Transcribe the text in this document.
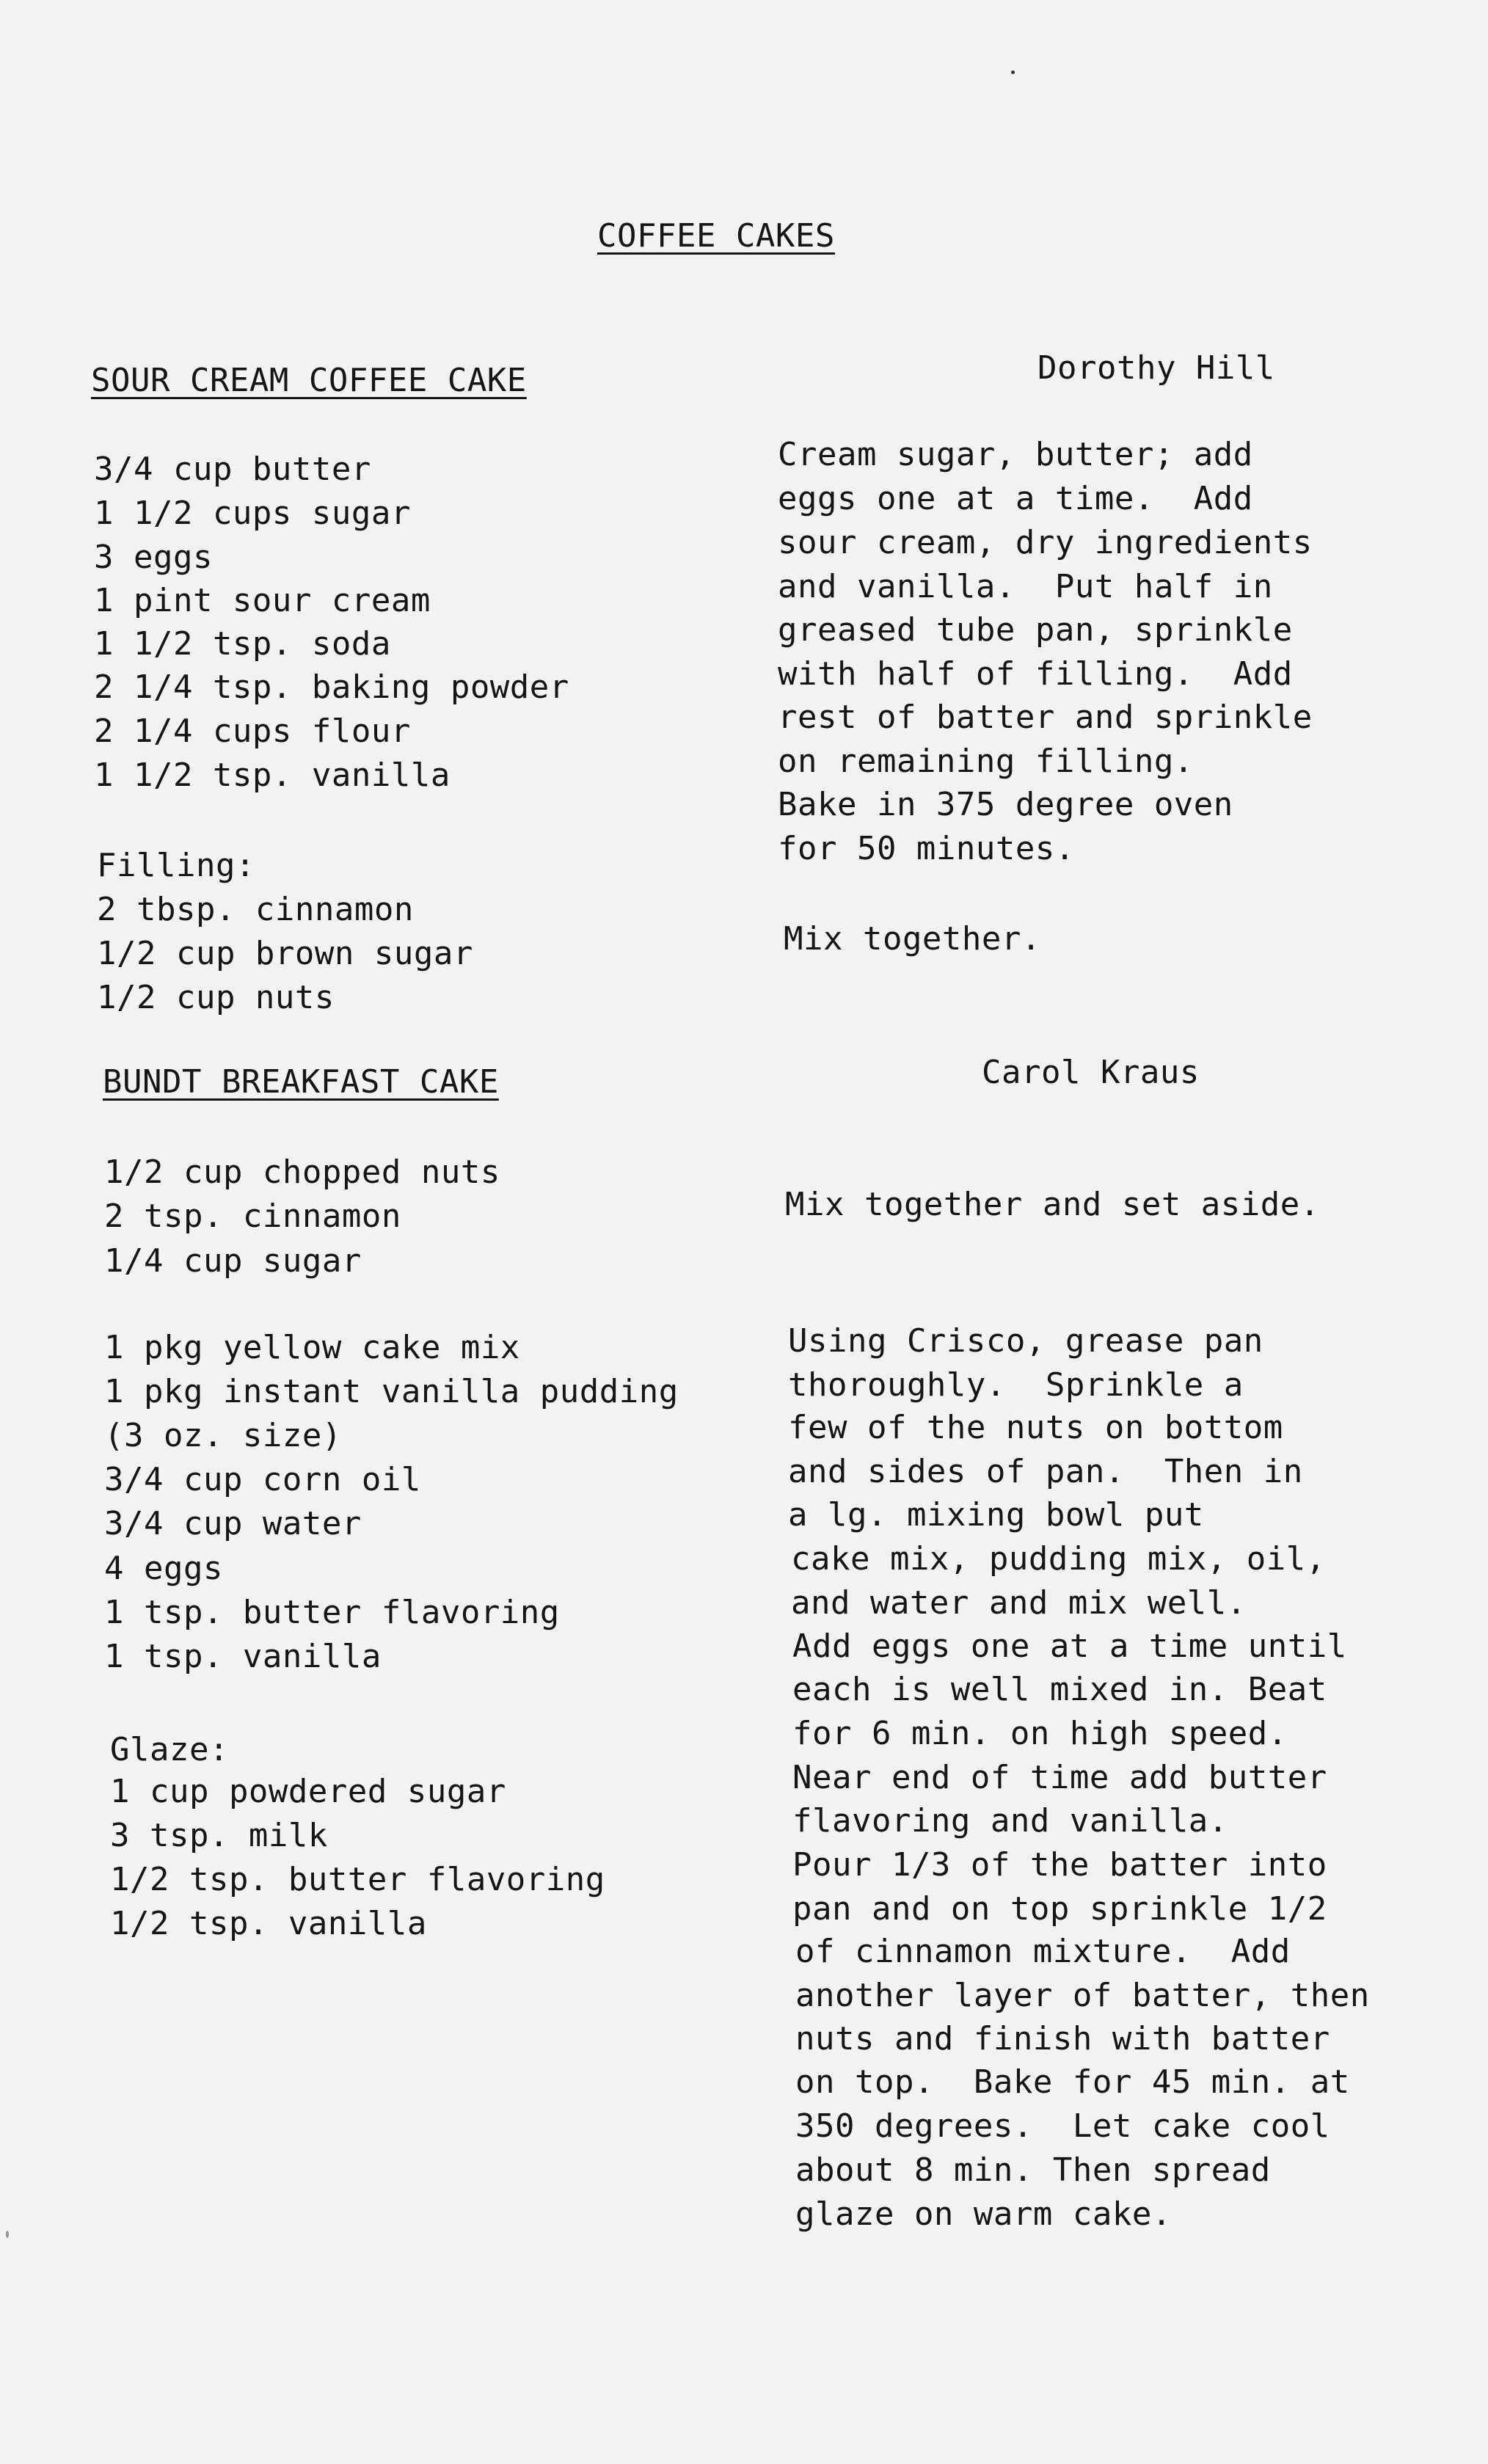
COFFEE CAKES
SOUR CREAM COFFEE CAKE	Dorothy Hill
3/4 cup butter
1 1/2 cups sugar
3 eggs
1 pint sour cream
1 1/2 tsp. soda
2 1/4 tsp. baking powder
2 1/4 cups flour
1 1/2 tsp. vanilla
Cream sugar, butter; add
eggs one at a time.  Add
sour cream, dry ingredients
and vanilla.  Put half in
greased tube pan, sprinkle
with half of filling.  Add
rest of batter and sprinkle
on remaining filling.
Bake in 375 degree oven
for 50 minutes.
Filling:
2 tbsp. cinnamon
1/2 cup brown sugar
1/2 cup nuts
Mix together.
BUNDT BREAKFAST CAKE	Carol Kraus
1/2 cup chopped nuts
2 tsp. cinnamon
1/4 cup sugar
Mix together and set aside.
1 pkg yellow cake mix
1 pkg instant vanilla pudding
(3 oz. size)
3/4 cup corn oil
3/4 cup water
4 eggs
1 tsp. butter flavoring
1 tsp. vanilla
Glaze:
1 cup powdered sugar
3 tsp. milk
1/2 tsp. butter flavoring
1/2 tsp. vanilla
Using Crisco, grease pan
thoroughly.  Sprinkle a
few of the nuts on bottom
and sides of pan.  Then in
a lg. mixing bowl put
cake mix, pudding mix, oil,
and water and mix well.
Add eggs one at a time until
each is well mixed in. Beat
for 6 min. on high speed.
Near end of time add butter
flavoring and vanilla.
Pour 1/3 of the batter into
pan and on top sprinkle 1/2
of cinnamon mixture.  Add
another layer of batter, then
nuts and finish with batter
on top.  Bake for 45 min. at
350 degrees.  Let cake cool
about 8 min. Then spread
glaze on warm cake.
